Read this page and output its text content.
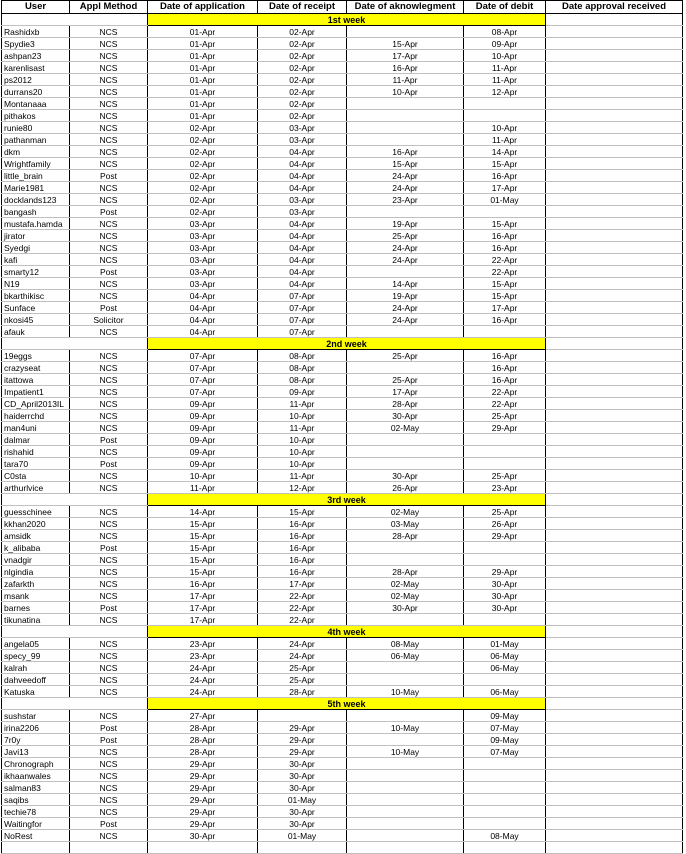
User	Appl Method	Date of application	Date of receipt	Date of aknowlegment	Date of debit	Date approval received
		1st week				
Rashidxb	NCS	01-Apr	02-Apr		08-Apr	
Spydie3	NCS	01-Apr	02-Apr	15-Apr	09-Apr	
ashpan23	NCS	01-Apr	02-Apr	17-Apr	10-Apr	
karenlisast	NCS	01-Apr	02-Apr	16-Apr	11-Apr	
ps2012	NCS	01-Apr	02-Apr	11-Apr	11-Apr	
durrans20	NCS	01-Apr	02-Apr	10-Apr	12-Apr	
Montanaaa	NCS	01-Apr	02-Apr			
pithakos	NCS	01-Apr	02-Apr			
runie80	NCS	02-Apr	03-Apr		10-Apr	
pathanman	NCS	02-Apr	03-Apr		11-Apr	
dkm	NCS	02-Apr	04-Apr	16-Apr	14-Apr	
Wrightfamily	NCS	02-Apr	04-Apr	15-Apr	15-Apr	
little_brain	Post	02-Apr	04-Apr	24-Apr	16-Apr	
Marie1981	NCS	02-Apr	04-Apr	24-Apr	17-Apr	
docklands123	NCS	02-Apr	03-Apr	23-Apr	01-May	
bangash	Post	02-Apr	03-Apr			
mustafa.hamda	NCS	03-Apr	04-Apr	19-Apr	15-Apr	
jirator	NCS	03-Apr	04-Apr	25-Apr	16-Apr	
Syedgi	NCS	03-Apr	04-Apr	24-Apr	16-Apr	
kafi	NCS	03-Apr	04-Apr	24-Apr	22-Apr	
smarty12	Post	03-Apr	04-Apr		22-Apr	
N19	NCS	03-Apr	04-Apr	14-Apr	15-Apr	
bkarthikisc	NCS	04-Apr	07-Apr	19-Apr	15-Apr	
Sunface	Post	04-Apr	07-Apr	24-Apr	17-Apr	
nkosi45	Solicitor	04-Apr	07-Apr	24-Apr	16-Apr	
afauk	NCS	04-Apr	07-Apr			
		2nd week				
19eggs	NCS	07-Apr	08-Apr	25-Apr	16-Apr	
crazyseat	NCS	07-Apr	08-Apr		16-Apr	
itattowa	NCS	07-Apr	08-Apr	25-Apr	16-Apr	
Impatient1	NCS	07-Apr	09-Apr	17-Apr	22-Apr	
CD_April2013IL	NCS	09-Apr	11-Apr	28-Apr	22-Apr	
haiderrchd	NCS	09-Apr	10-Apr	30-Apr	25-Apr	
man4uni	NCS	09-Apr	11-Apr	02-May	29-Apr	
dalmar	Post	09-Apr	10-Apr			
rishahid	NCS	09-Apr	10-Apr			
tara70	Post	09-Apr	10-Apr			
C0sta	NCS	10-Apr	11-Apr	30-Apr	25-Apr	
arthurlvice	NCS	11-Apr	12-Apr	26-Apr	23-Apr	
		3rd week				
guesschinee	NCS	14-Apr	15-Apr	02-May	25-Apr	
kkhan2020	NCS	15-Apr	16-Apr	03-May	26-Apr	
amsidk	NCS	15-Apr	16-Apr	28-Apr	29-Apr	
k_alibaba	Post	15-Apr	16-Apr			
vnadgir	NCS	15-Apr	16-Apr			
nlgindia	NCS	15-Apr	16-Apr	28-Apr	29-Apr	
zafarkth	NCS	16-Apr	17-Apr	02-May	30-Apr	
msank	NCS	17-Apr	22-Apr	02-May	30-Apr	
barnes	Post	17-Apr	22-Apr	30-Apr	30-Apr	
tikunatina	NCS	17-Apr	22-Apr			
		4th week				
angela05	NCS	23-Apr	24-Apr	08-May	01-May	
specy_99	NCS	23-Apr	24-Apr	06-May	06-May	
kalrah	NCS	24-Apr	25-Apr		06-May	
dahveedoff	NCS	24-Apr	25-Apr			
Katuska	NCS	24-Apr	28-Apr	10-May	06-May	
		5th week				
sushstar	NCS	27-Apr			09-May	
irina2206	Post	28-Apr	29-Apr	10-May	07-May	
7r0y	Post	28-Apr	29-Apr		09-May	
Javi13	NCS	28-Apr	29-Apr	10-May	07-May	
Chronograph	NCS	29-Apr	30-Apr			
ikhaanwales	NCS	29-Apr	30-Apr			
salman83	NCS	29-Apr	30-Apr			
saqibs	NCS	29-Apr	01-May			
techie78	NCS	29-Apr	30-Apr			
Waitingfor	Post	29-Apr	30-Apr			
NoRest	NCS	30-Apr	01-May		08-May	
